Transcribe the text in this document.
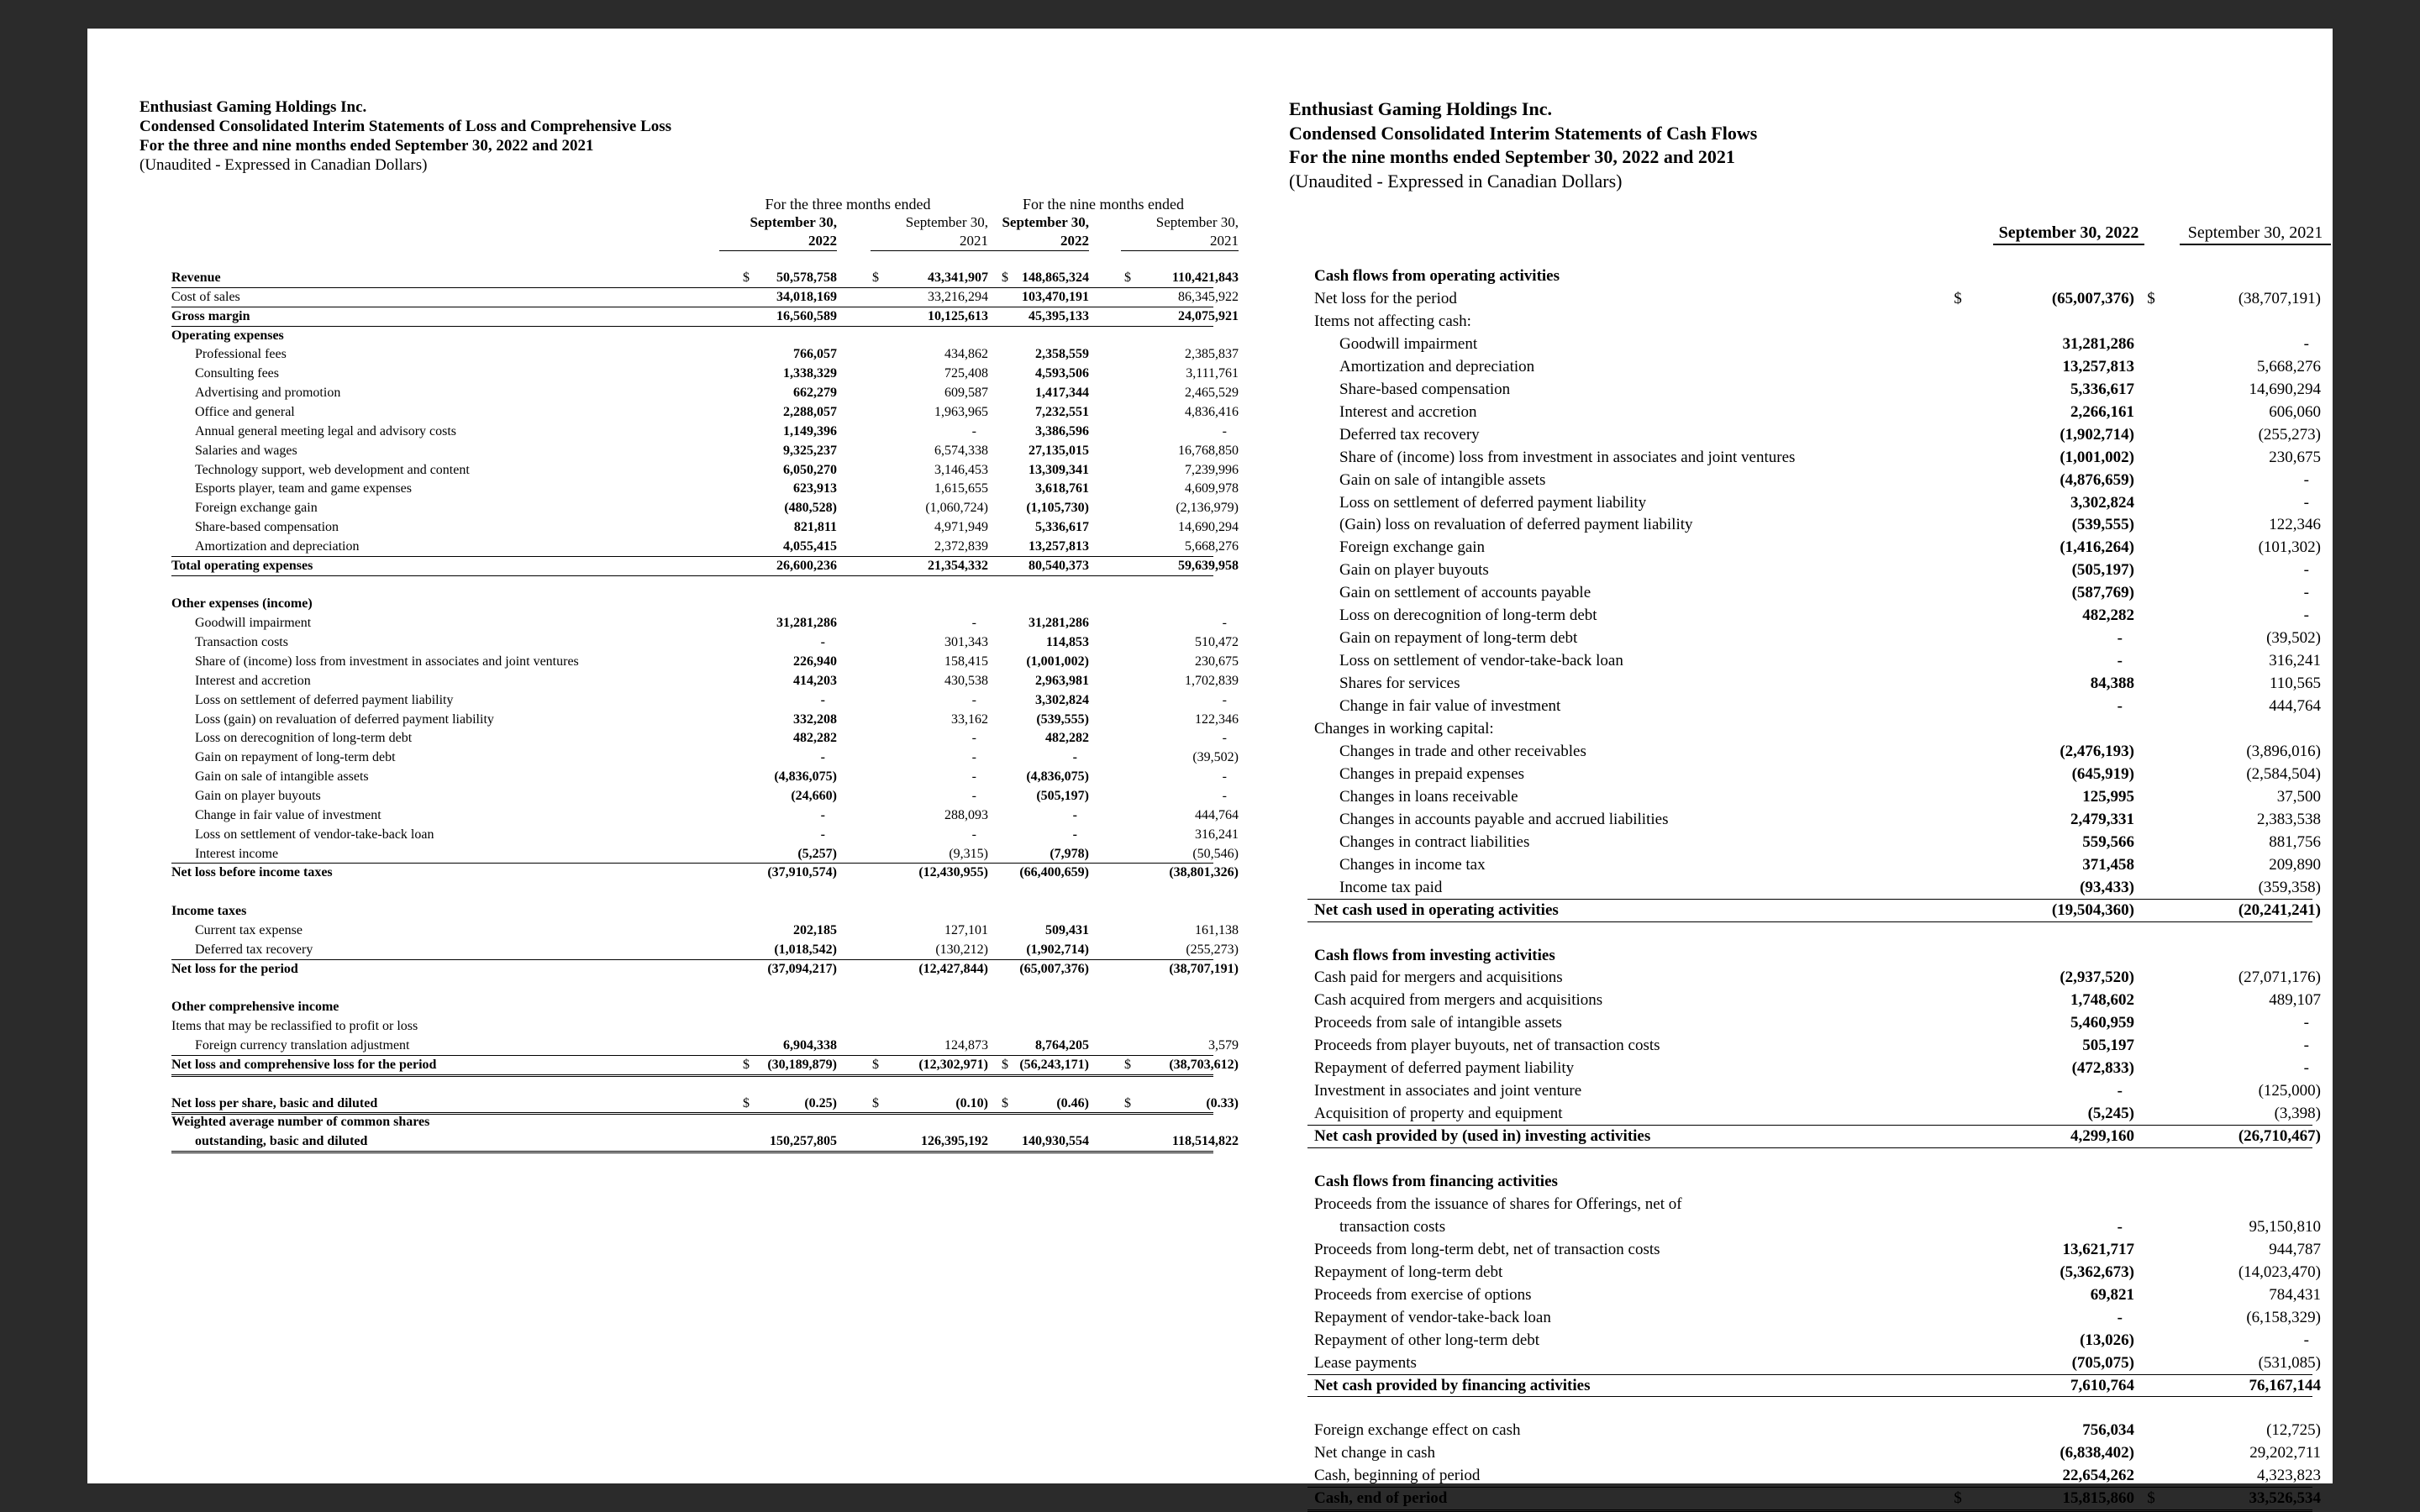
Enthusiast Gaming Holdings Inc.
Condensed Consolidated Interim Statements of Loss and Comprehensive Loss
For the three and nine months ended September 30, 2022 and 2021
(Unaudited - Expressed in Canadian Dollars)
For the three months ended	For the nine months ended
September 30,
2022
September 30,
2021
September 30,
2022
September 30,
2021
Revenue	50,578,758	43,341,907	148,865,324	110,421,843
$	$	$	$
Cost of sales	34,018,169	33,216,294	103,470,191	86,345,922
Gross margin	16,560,589	10,125,613	45,395,133	24,075,921
Operating expenses
Professional fees	766,057	434,862	2,358,559	2,385,837
Consulting fees	1,338,329	725,408	4,593,506	3,111,761
Advertising and promotion	662,279	609,587	1,417,344	2,465,529
Office and general	2,288,057	1,963,965	7,232,551	4,836,416
Annual general meeting legal and advisory costs	1,149,396	-	3,386,596	-
Salaries and wages	9,325,237	6,574,338	27,135,015	16,768,850
Technology support, web development and content	6,050,270	3,146,453	13,309,341	7,239,996
Esports player, team and game expenses	623,913	1,615,655	3,618,761	4,609,978
Foreign exchange gain	(480,528)	(1,060,724)	(1,105,730)	(2,136,979)
Share-based compensation	821,811	4,971,949	5,336,617	14,690,294
Amortization and depreciation	4,055,415	2,372,839	13,257,813	5,668,276
Total operating expenses	26,600,236	21,354,332	80,540,373	59,639,958
Other expenses (income)
Goodwill impairment	31,281,286	-	31,281,286	-
Transaction costs	-	301,343	114,853	510,472
Share of (income) loss from investment in associates and joint ventures	226,940	158,415	(1,001,002)	230,675
Interest and accretion	414,203	430,538	2,963,981	1,702,839
Loss on settlement of deferred payment liability	-	-	3,302,824	-
Loss (gain) on revaluation of deferred payment liability	332,208	33,162	(539,555)	122,346
Loss on derecognition of long-term debt	482,282	-	482,282	-
Gain on repayment of long-term debt	-	-	-	(39,502)
Gain on sale of intangible assets	(4,836,075)	-	(4,836,075)	-
Gain on player buyouts	(24,660)	-	(505,197)	-
Change in fair value of investment	-	288,093	-	444,764
Loss on settlement of vendor-take-back loan	-	-	-	316,241
Interest income	(5,257)	(9,315)	(7,978)	(50,546)
Net loss before income taxes	(37,910,574)	(12,430,955) (66,400,659)	(38,801,326)
Income taxes
Current tax expense	202,185	127,101	509,431	161,138
Deferred tax recovery	(1,018,542)	(130,212)	(1,902,714)	(255,273)
Net loss for the period	(37,094,217)	(12,427,844) (65,007,376)	(38,707,191)
Other comprehensive income
Items that may be reclassified to profit or loss
Foreign currency translation adjustment	6,904,338	124,873	8,764,205	3,579
Net loss and comprehensive loss for the period	(30,189,879)	(12,302,971) (56,243,171)	(38,703,612)
$	$	$	$
Net loss per share, basic and diluted	(0.25)	(0.10)	(0.46)	(0.33)
$	$	$	$
Weighted average number of common shares
outstanding, basic and diluted	150,257,805	126,395,192	140,930,554	118,514,822
Enthusiast Gaming Holdings Inc.
Condensed Consolidated Interim Statements of Cash Flows
For the nine months ended September 30, 2022 and 2021
(Unaudited - Expressed in Canadian Dollars)
September 30, 2022	September 30, 2021
Cash flows from operating activities
Net loss for the period	(65,007,376)	(38,707,191)
$	$
Items not affecting cash:
Goodwill impairment	31,281,286	-
Amortization and depreciation	13,257,813	5,668,276
Share-based compensation	5,336,617	14,690,294
Interest and accretion	2,266,161	606,060
Deferred tax recovery	(1,902,714)	(255,273)
Share of (income) loss from investment in associates and joint ventures	(1,001,002)	230,675
Gain on sale of intangible assets	(4,876,659)	-
Loss on settlement of deferred payment liability	3,302,824	-
(Gain) loss on revaluation of deferred payment liability	(539,555)	122,346
Foreign exchange gain	(1,416,264)	(101,302)
Gain on player buyouts	(505,197)	-
Gain on settlement of accounts payable	(587,769)	-
Loss on derecognition of long-term debt	482,282	-
Gain on repayment of long-term debt	-	(39,502)
Loss on settlement of vendor-take-back loan	-	316,241
Shares for services	84,388	110,565
Change in fair value of investment	-	444,764
Changes in working capital:
Changes in trade and other receivables	(2,476,193)	(3,896,016)
Changes in prepaid expenses	(645,919)	(2,584,504)
Changes in loans receivable	125,995	37,500
Changes in accounts payable and accrued liabilities	2,479,331	2,383,538
Changes in contract liabilities	559,566	881,756
Changes in income tax	371,458	209,890
Income tax paid	(93,433)	(359,358)
Net cash used in operating activities	(19,504,360)	(20,241,241)
Cash flows from investing activities
Cash paid for mergers and acquisitions	(2,937,520)	(27,071,176)
Cash acquired from mergers and acquisitions	1,748,602	489,107
Proceeds from sale of intangible assets	5,460,959	-
Proceeds from player buyouts, net of transaction costs	505,197	-
Repayment of deferred payment liability	(472,833)	-
Investment in associates and joint venture	-	(125,000)
Acquisition of property and equipment	(5,245)	(3,398)
Net cash provided by (used in) investing activities	4,299,160	(26,710,467)
Cash flows from financing activities
Proceeds from the issuance of shares for Offerings, net of
transaction costs	-	95,150,810
Proceeds from long-term debt, net of transaction costs	13,621,717	944,787
Repayment of long-term debt	(5,362,673)	(14,023,470)
Proceeds from exercise of options	69,821	784,431
Repayment of vendor-take-back loan	-	(6,158,329)
Repayment of other long-term debt	(13,026)	-
Lease payments	(705,075)	(531,085)
Net cash provided by financing activities	7,610,764	76,167,144
Foreign exchange effect on cash	756,034	(12,725)
Net change in cash	(6,838,402)	29,202,711
Cash, beginning of period	22,654,262	4,323,823
Cash, end of period	15,815,860	33,526,534
$	$
